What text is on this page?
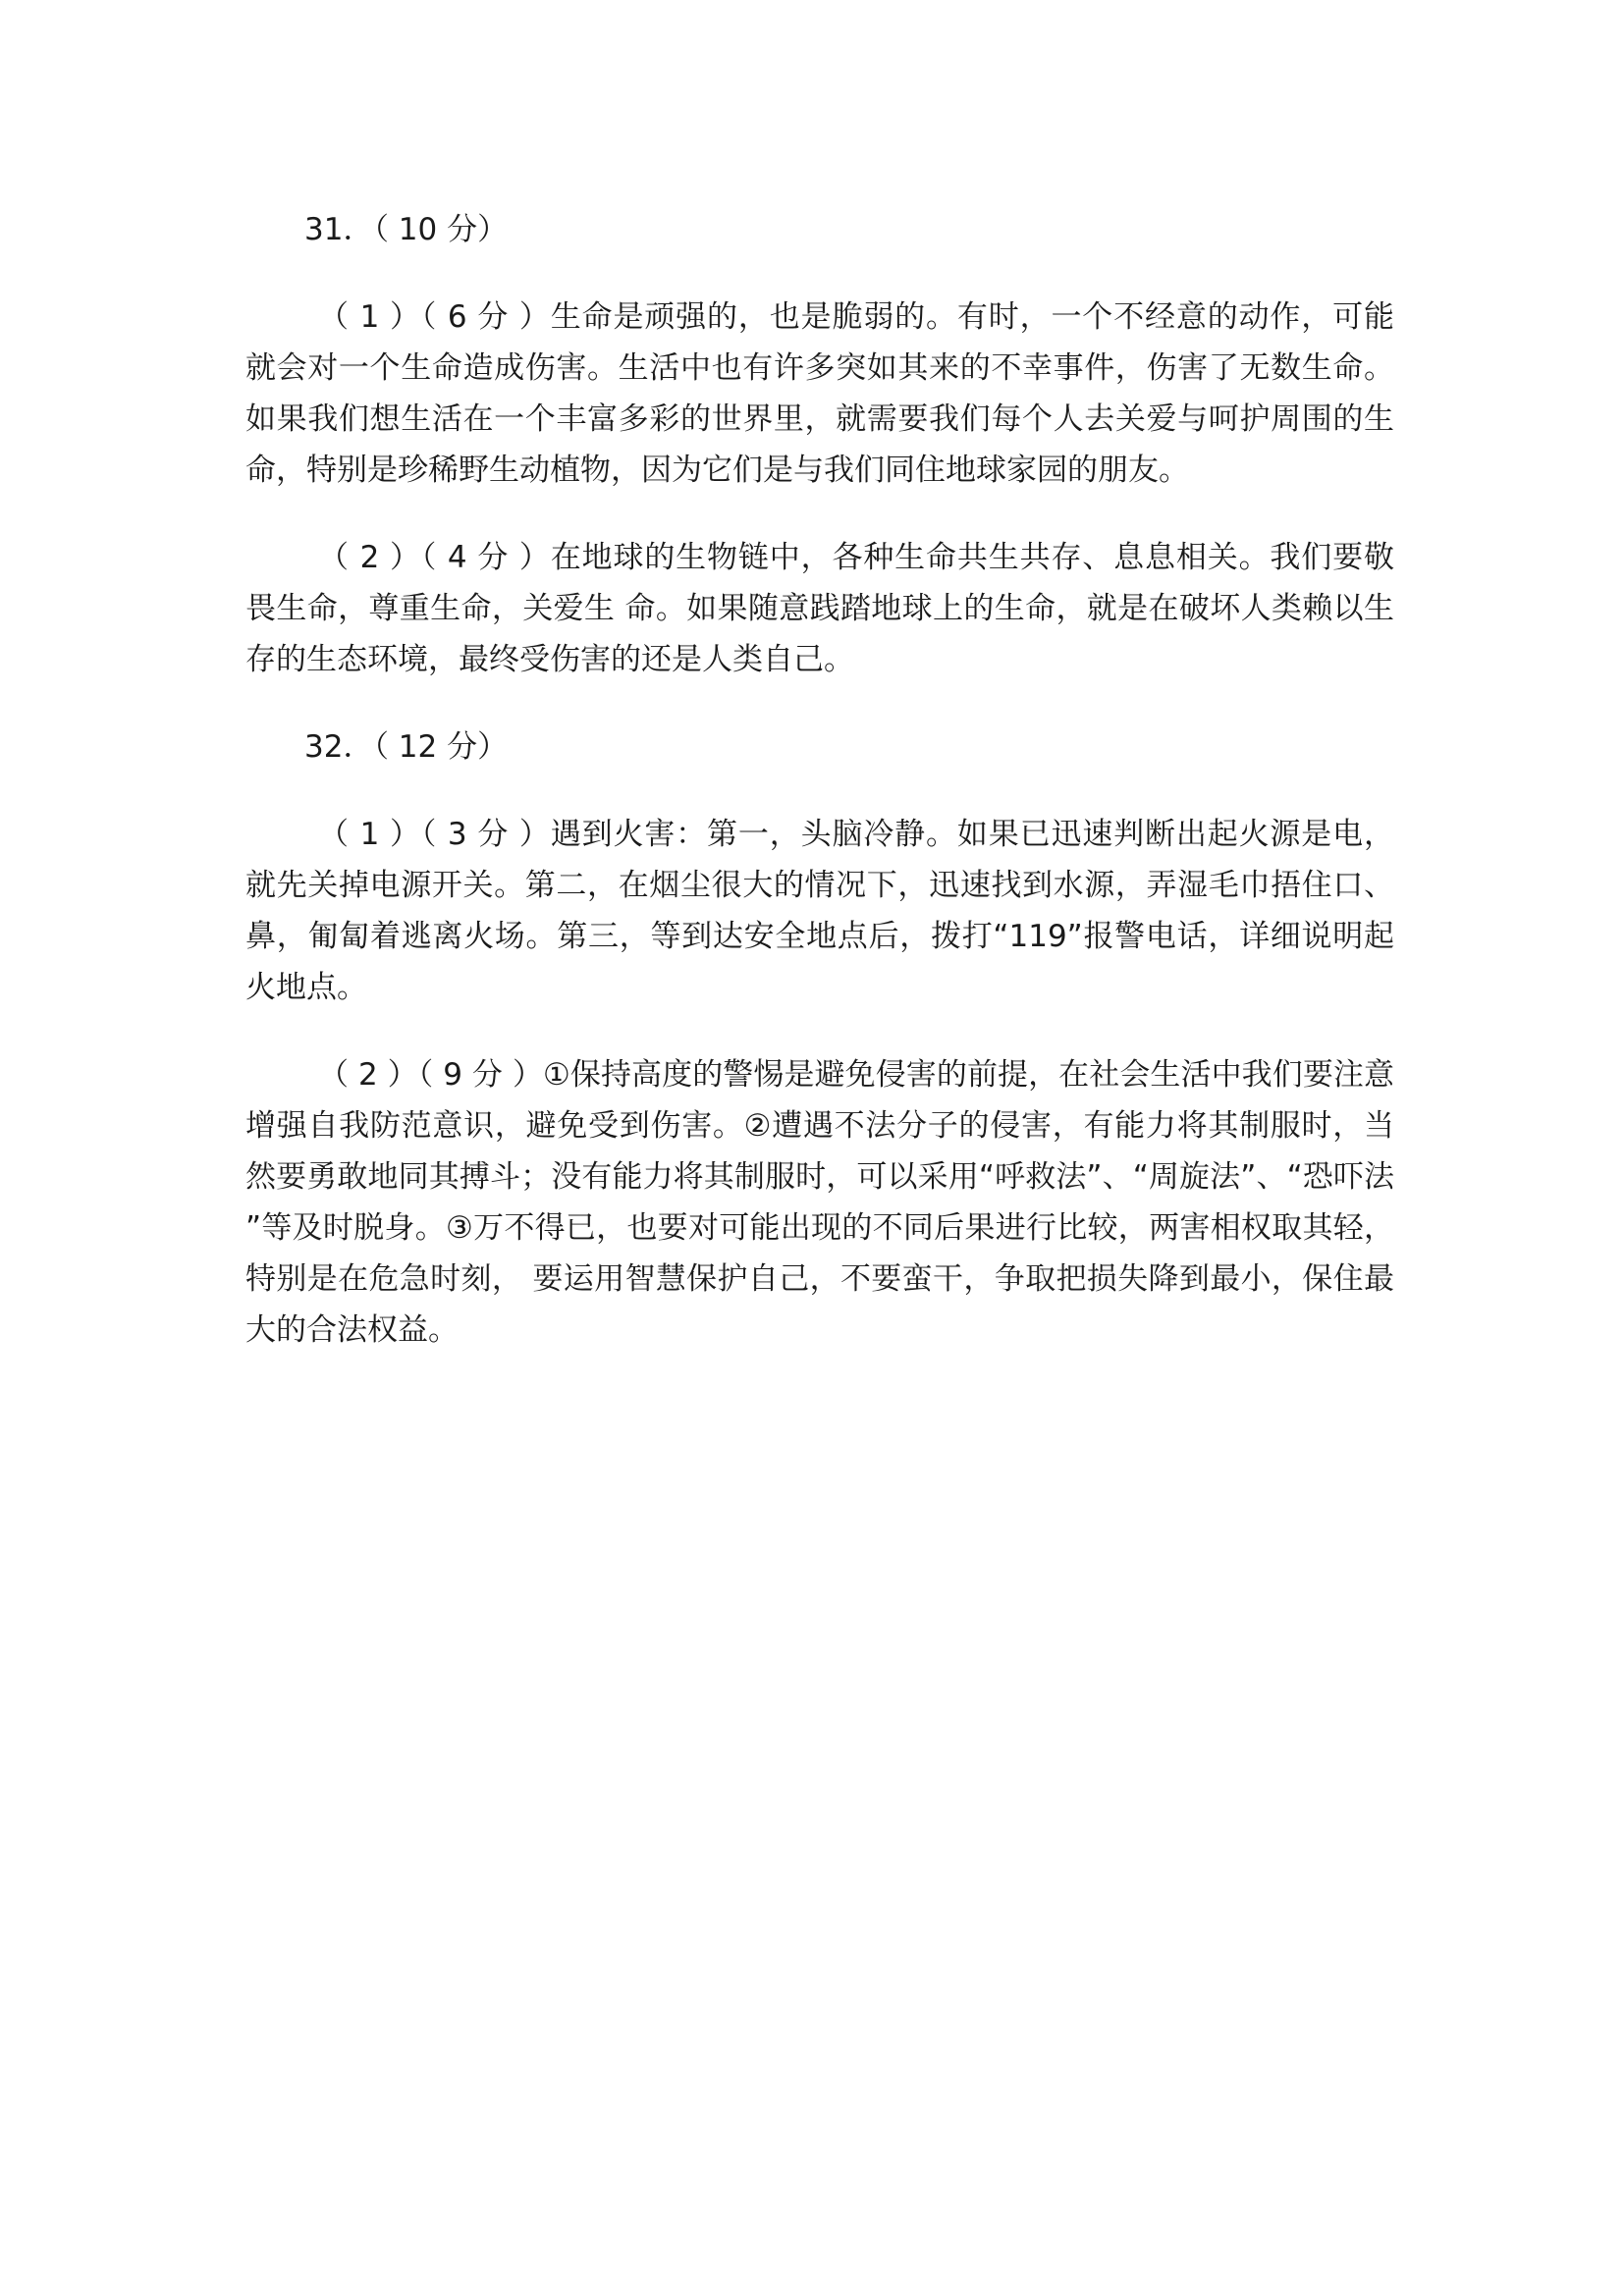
31．（ 10 分）

（ 1 ）（ 6 分 ）生命是顽强的，也是脆弱的。有时，一个不经意的动作，可能就会对一个生命造成伤害。生活中也有许多突如其来的不幸事件，伤害了无数生命。如果我们想生活在一个丰富多彩的世界里，就需要我们每个人去关爱与呵护周围的生命，特别是珍稀野生动植物，因为它们是与我们同住地球家园的朋友。

（ 2 ）（ 4 分 ）在地球的生物链中，各种生命共生共存、息息相关。我们要敬畏生命，尊重生命，关爱生 命。如果随意践踏地球上的生命，就是在破坏人类赖以生存的生态环境，最终受伤害的还是人类自己。

32．（ 12 分）

（ 1 ）（ 3 分 ）遇到火害：第一，头脑冷静。如果已迅速判断出起火源是电，就先关掉电源开关。第二，在烟尘很大的情况下，迅速找到水源，弄湿毛巾捂住口、鼻，匍匐着逃离火场。第三，等到达安全地点后，拨打“119”报警电话，详细说明起火地点。

（ 2 ）（ 9 分 ）①保持高度的警惕是避免侵害的前提，在社会生活中我们要注意增强自我防范意识，避免受到伤害。②遭遇不法分子的侵害，有能力将其制服时，当然要勇敢地同其搏斗；没有能力将其制服时，可以采用“呼救法”、“周旋法”、“恐吓法 ”等及时脱身。③万不得已，也要对可能出现的不同后果进行比较，两害相权取其轻，特别是在危急时刻， 要运用智慧保护自己，不要蛮干，争取把损失降到最小，保住最大的合法权益。
